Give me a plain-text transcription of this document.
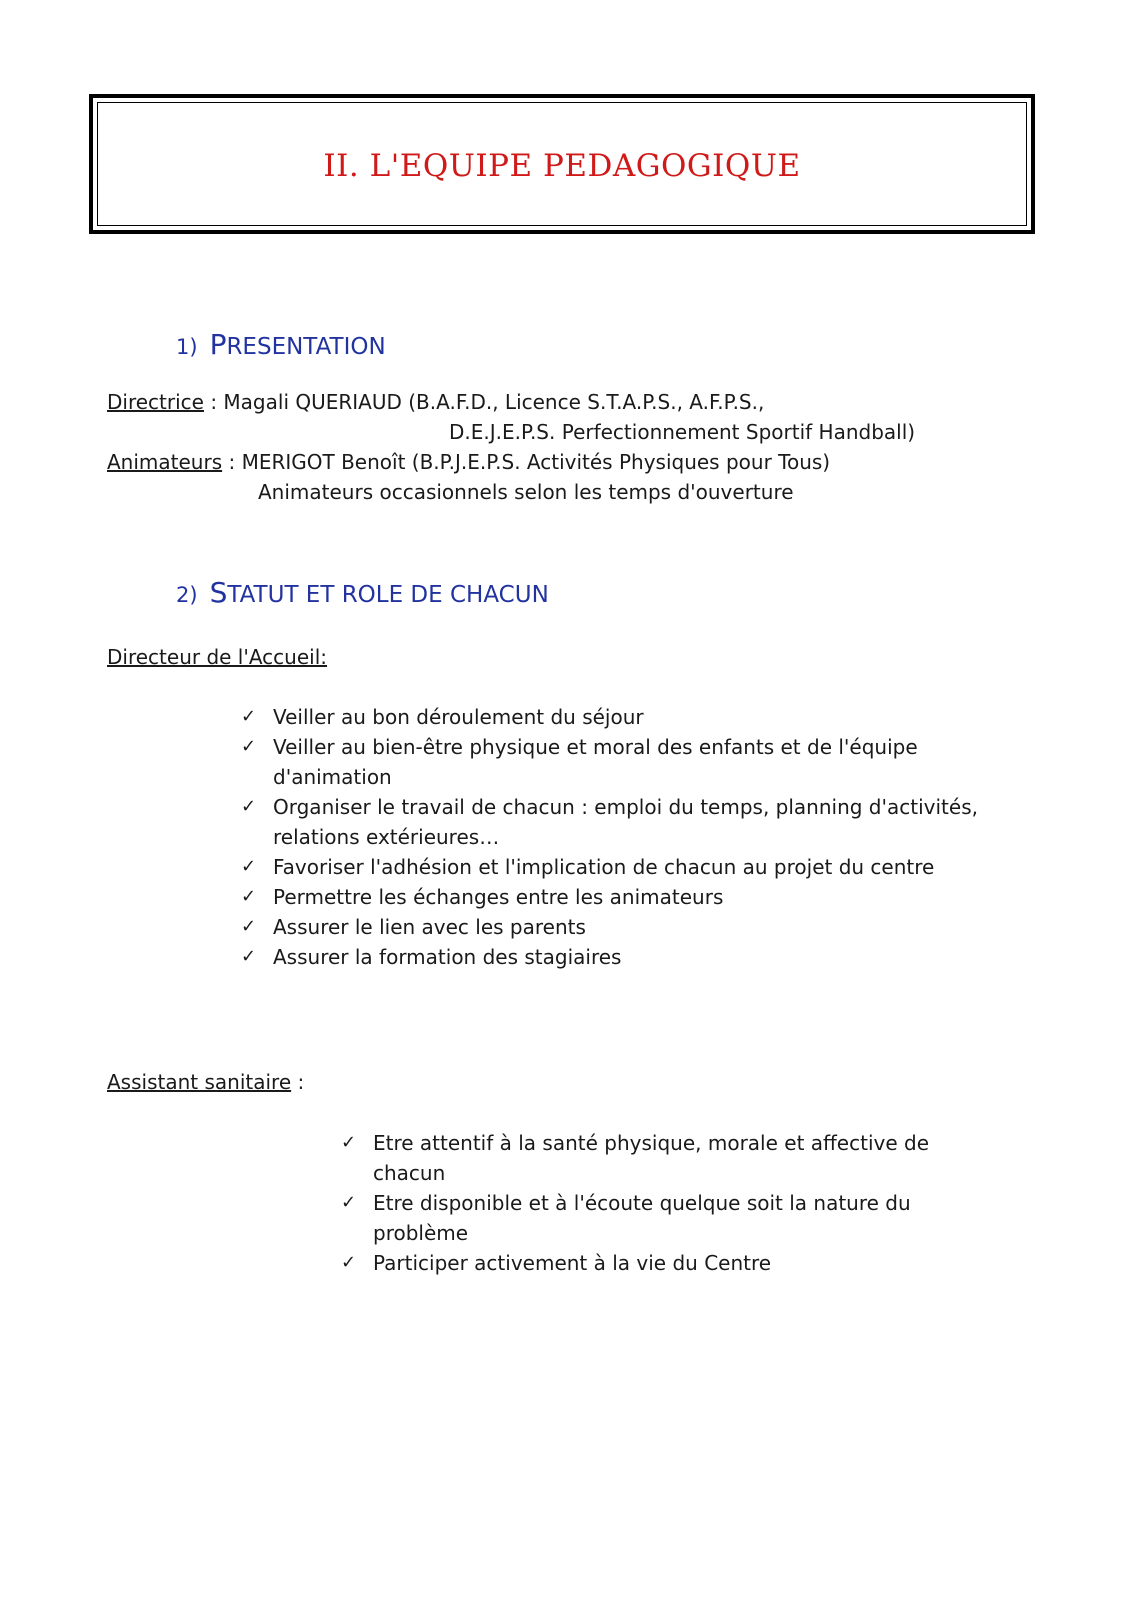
II. L'EQUIPE PEDAGOGIQUE
1) PRESENTATION
Directrice : Magali QUERIAUD (B.A.F.D., Licence S.T.A.P.S., A.F.P.S.,
D.E.J.E.P.S. Perfectionnement Sportif Handball)
Animateurs : MERIGOT Benoît (B.P.J.E.P.S. Activités Physiques pour Tous)
Animateurs occasionnels selon les temps d'ouverture
2) STATUT ET ROLE DE CHACUN
Directeur de l'Accueil:
✓ Veiller au bon déroulement du séjour
✓ Veiller au bien-être physique et moral des enfants et de l'équipe d'animation
✓ Organiser le travail de chacun : emploi du temps, planning d'activités, relations extérieures…
✓ Favoriser l'adhésion et l'implication de chacun au projet du centre
✓ Permettre les échanges entre les animateurs
✓ Assurer le lien avec les parents
✓ Assurer la formation des stagiaires
Assistant sanitaire :
✓ Etre attentif à la santé physique, morale et affective de chacun
✓ Etre disponible et à l'écoute quelque soit la nature du problème
✓ Participer activement à la vie du Centre
